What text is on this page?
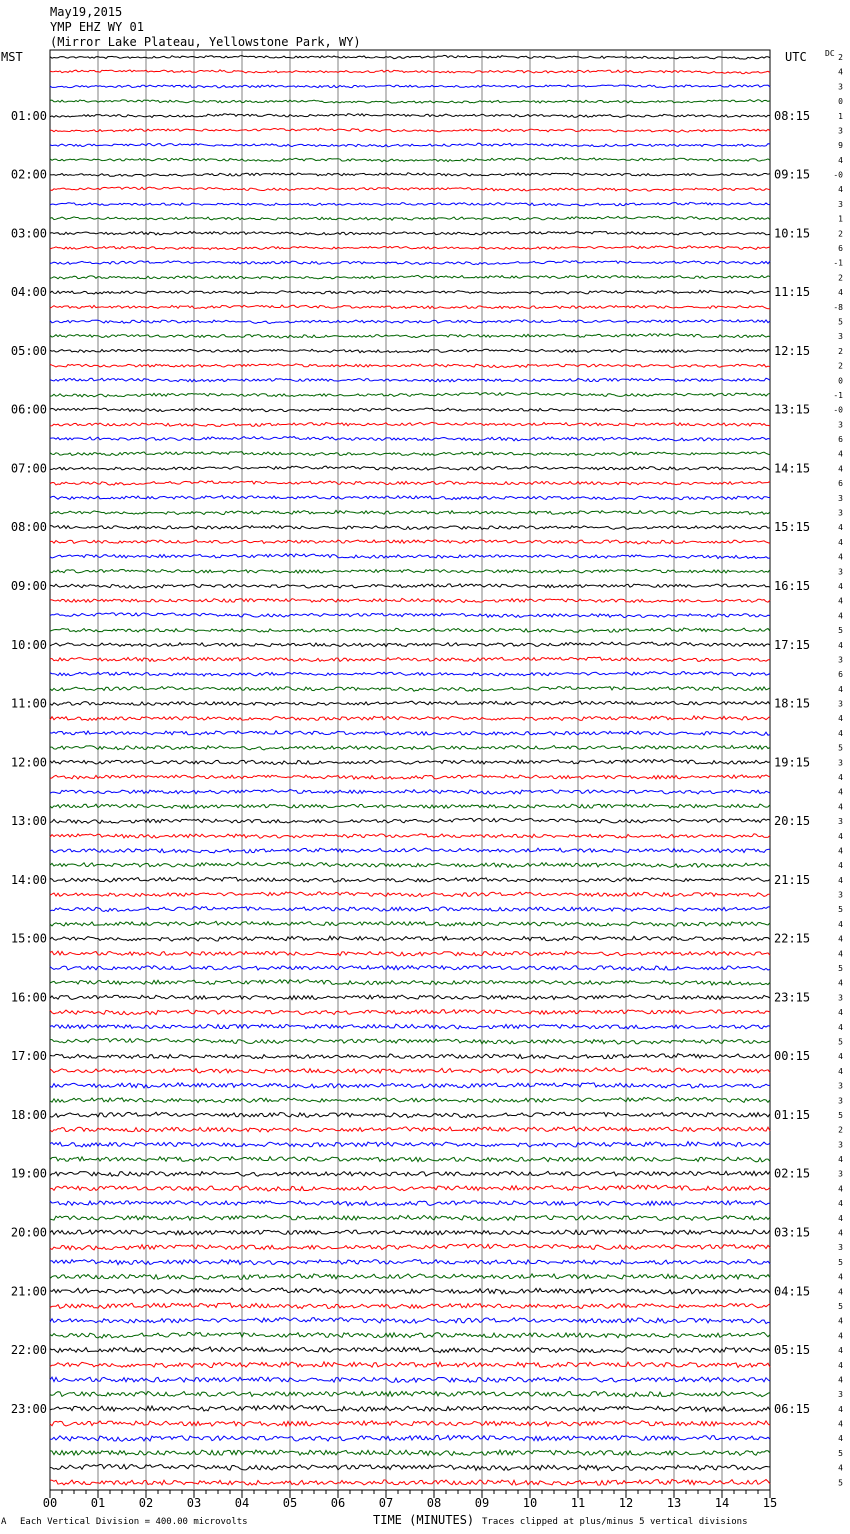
May19,2015
YMP EHZ WY 01
(Mirror Lake Plateau, Yellowstone Park, WY)
MST	UTC DC
01:00
02:00
03:00
04:00
05:00
06:00
07:00
08:00
09:00
10:00
11:00
12:00
13:00
14:00
15:00
16:00
17:00
18:00
19:00
20:00
21:00
22:00
23:00
08:15
09:15
10:15
11:15
12:15
13:15
14:15
15:15
16:15
17:15
18:15
19:15
20:15
21:15
22:15
23:15
00:15
01:15
02:15
03:15
04:15
05:15
06:15
2
4
3
0
1
3
9
4
-0
4
3
1
2
6
-1
2
4
-8
5
3
2
2
0
-1
-0
3
6
4
4
6
3
3
4
4
4
3
4
4
4
5
4
3
6
4
3
4
4
5
3
4
4
4
3
4
4
4
4
3
5
4
4
4
5
4
3
4
4
5
4
4
3
3
5
2
3
4
3
4
4
4
4
3
5
4
4
5
4
4
4
4
4
3
4
4
4
5
4
5
00	01	02	03	04	05	06	07	08	09	10	11	12	13	14	15
A Each Vertical Division = 400.00 microvolts	TIME (MINUTES) Traces clipped at plus/minus 5 vertical divisions
